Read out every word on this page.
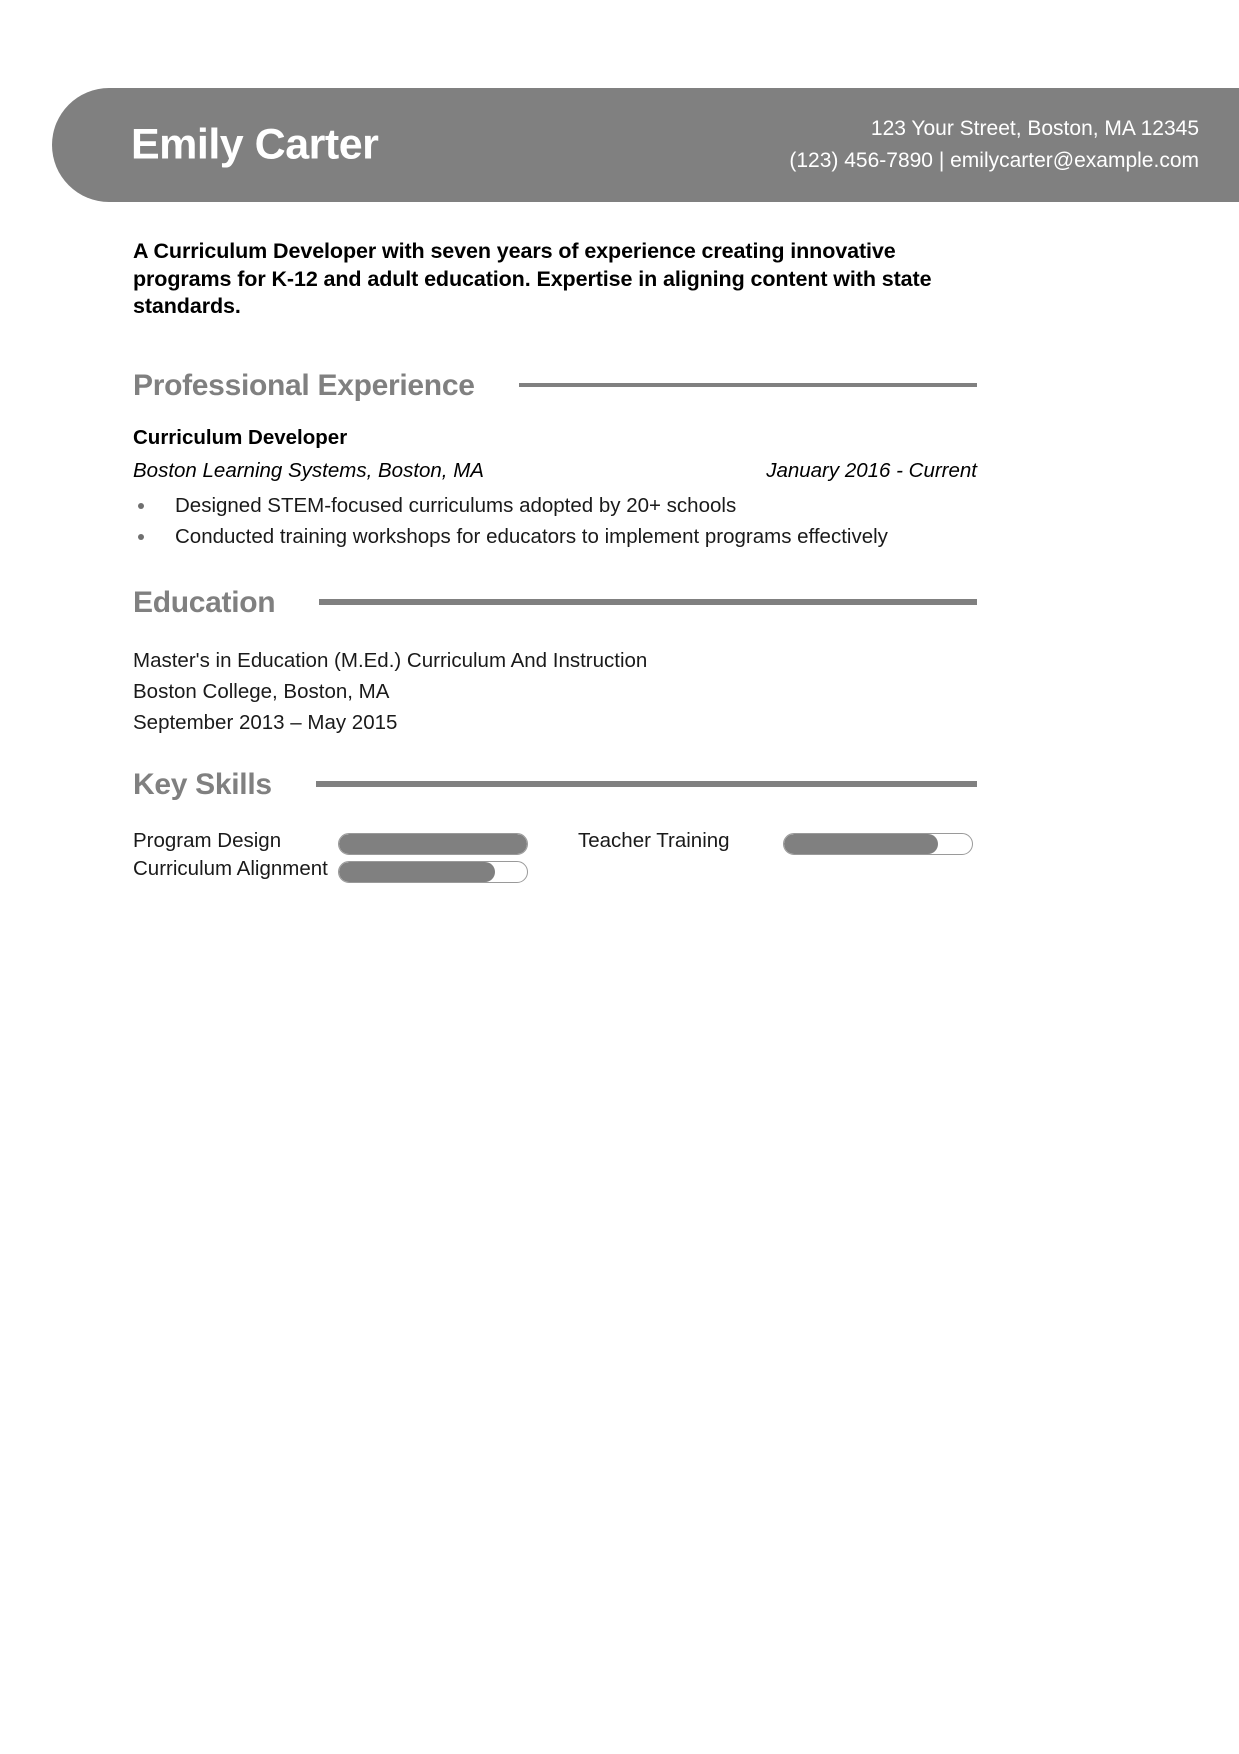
Emily Carter	123 Your Street, Boston, MA 12345
(123) 456-7890 | emilycarter@example.com

A Curriculum Developer with seven years of experience creating innovative programs for K-12 and adult education. Expertise in aligning content with state standards.

Professional Experience
Curriculum Developer
Boston Learning Systems, Boston, MA	January 2016 - Current
Designed STEM-focused curriculums adopted by 20+ schools
Conducted training workshops for educators to implement programs effectively
Education
Master's in Education (M.Ed.) Curriculum And Instruction
Boston College, Boston, MA
September 2013 – May 2015
Key Skills
Program Design	Teacher Training
Curriculum Alignment
